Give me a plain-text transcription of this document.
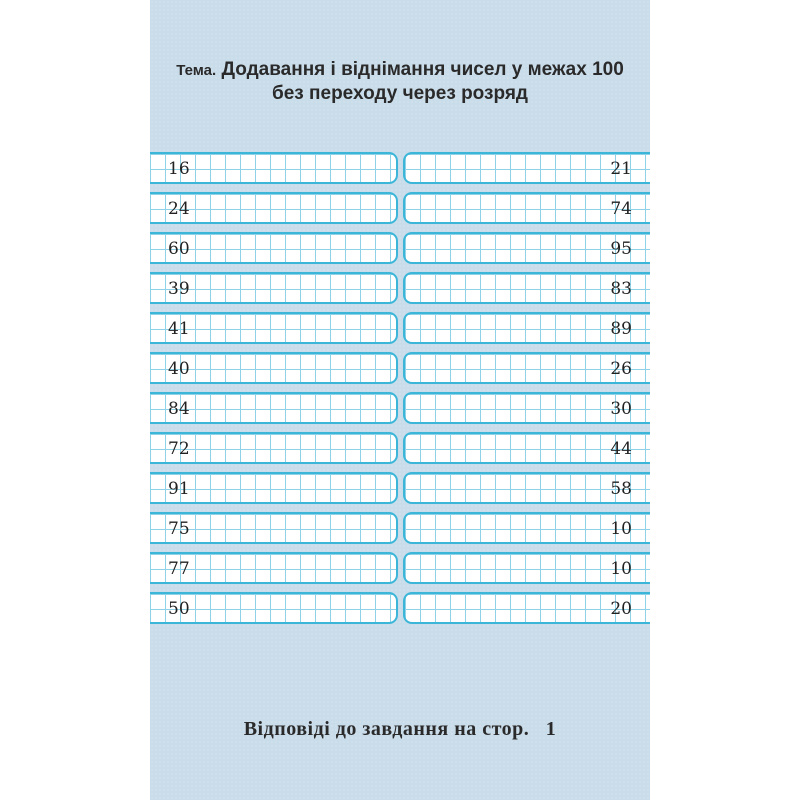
Тема. Додавання і віднімання чисел у межах 100
без переходу через розряд
16	21
24	74
60	95
39	83
41	89
40	26
84	30
72	44
91	58
75	10
77	10
50	20
Відповіді до завдання на стор. 1
